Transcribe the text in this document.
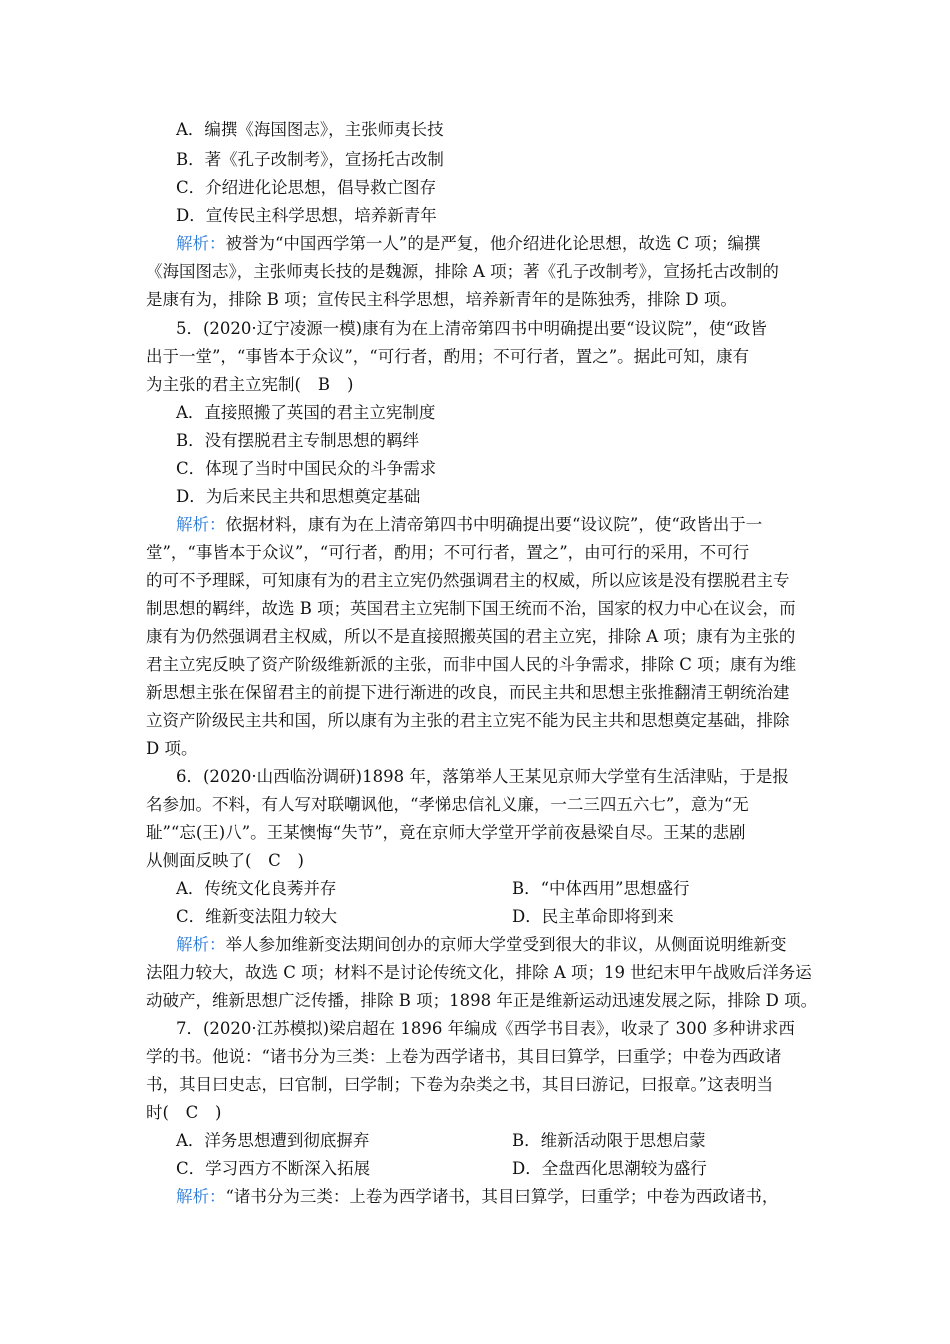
A．编撰《海国图志》，主张师夷长技
B．著《孔子改制考》，宣扬托古改制
C．介绍进化论思想，倡导救亡图存
D．宣传民主科学思想，培养新青年
解析：被誉为“中国西学第一人”的是严复，他介绍进化论思想，故选 C 项；编撰
《海国图志》，主张师夷长技的是魏源，排除 A 项；著《孔子改制考》，宣扬托古改制的
是康有为，排除 B 项；宣传民主科学思想，培养新青年的是陈独秀，排除 D 项。
5．(2020·辽宁凌源一模)康有为在上清帝第四书中明确提出要“设议院”，使“政皆
出于一堂”，“事皆本于众议”，“可行者，酌用；不可行者，置之”。据此可知，康有
为主张的君主立宪制( B )
A．直接照搬了英国的君主立宪制度
B．没有摆脱君主专制思想的羁绊
C．体现了当时中国民众的斗争需求
D．为后来民主共和思想奠定基础
解析：依据材料，康有为在上清帝第四书中明确提出要“设议院”，使“政皆出于一
堂”，“事皆本于众议”，“可行者，酌用；不可行者，置之”，由可行的采用，不可行
的可不予理睬，可知康有为的君主立宪仍然强调君主的权威，所以应该是没有摆脱君主专
制思想的羁绊，故选 B 项；英国君主立宪制下国王统而不治，国家的权力中心在议会，而
康有为仍然强调君主权威，所以不是直接照搬英国的君主立宪，排除 A 项；康有为主张的
君主立宪反映了资产阶级维新派的主张，而非中国人民的斗争需求，排除 C 项；康有为维
新思想主张在保留君主的前提下进行渐进的改良，而民主共和思想主张推翻清王朝统治建
立资产阶级民主共和国，所以康有为主张的君主立宪不能为民主共和思想奠定基础，排除
D 项。
6．(2020·山西临汾调研)1898 年，落第举人王某见京师大学堂有生活津贴，于是报
名参加。不料，有人写对联嘲讽他，“孝悌忠信礼义廉，一二三四五六七”，意为“无
耻”“忘(王)八”。王某懊悔“失节”，竟在京师大学堂开学前夜悬梁自尽。王某的悲剧
从侧面反映了( C )
A．传统文化良莠并存	B．“中体西用”思想盛行
C．维新变法阻力较大	D．民主革命即将到来
解析：举人参加维新变法期间创办的京师大学堂受到很大的非议，从侧面说明维新变
法阻力较大，故选 C 项；材料不是讨论传统文化，排除 A 项；19 世纪末甲午战败后洋务运
动破产，维新思想广泛传播，排除 B 项；1898 年正是维新运动迅速发展之际，排除 D 项。
7．(2020·江苏模拟)梁启超在 1896 年编成《西学书目表》，收录了 300 多种讲求西
学的书。他说：“诸书分为三类：上卷为西学诸书，其目曰算学，曰重学；中卷为西政诸
书，其目曰史志，曰官制，曰学制；下卷为杂类之书，其目曰游记，曰报章。”这表明当
时( C )
A．洋务思想遭到彻底摒弃	B．维新活动限于思想启蒙
C．学习西方不断深入拓展	D．全盘西化思潮较为盛行
解析：“诸书分为三类：上卷为西学诸书，其目曰算学，曰重学；中卷为西政诸书，
